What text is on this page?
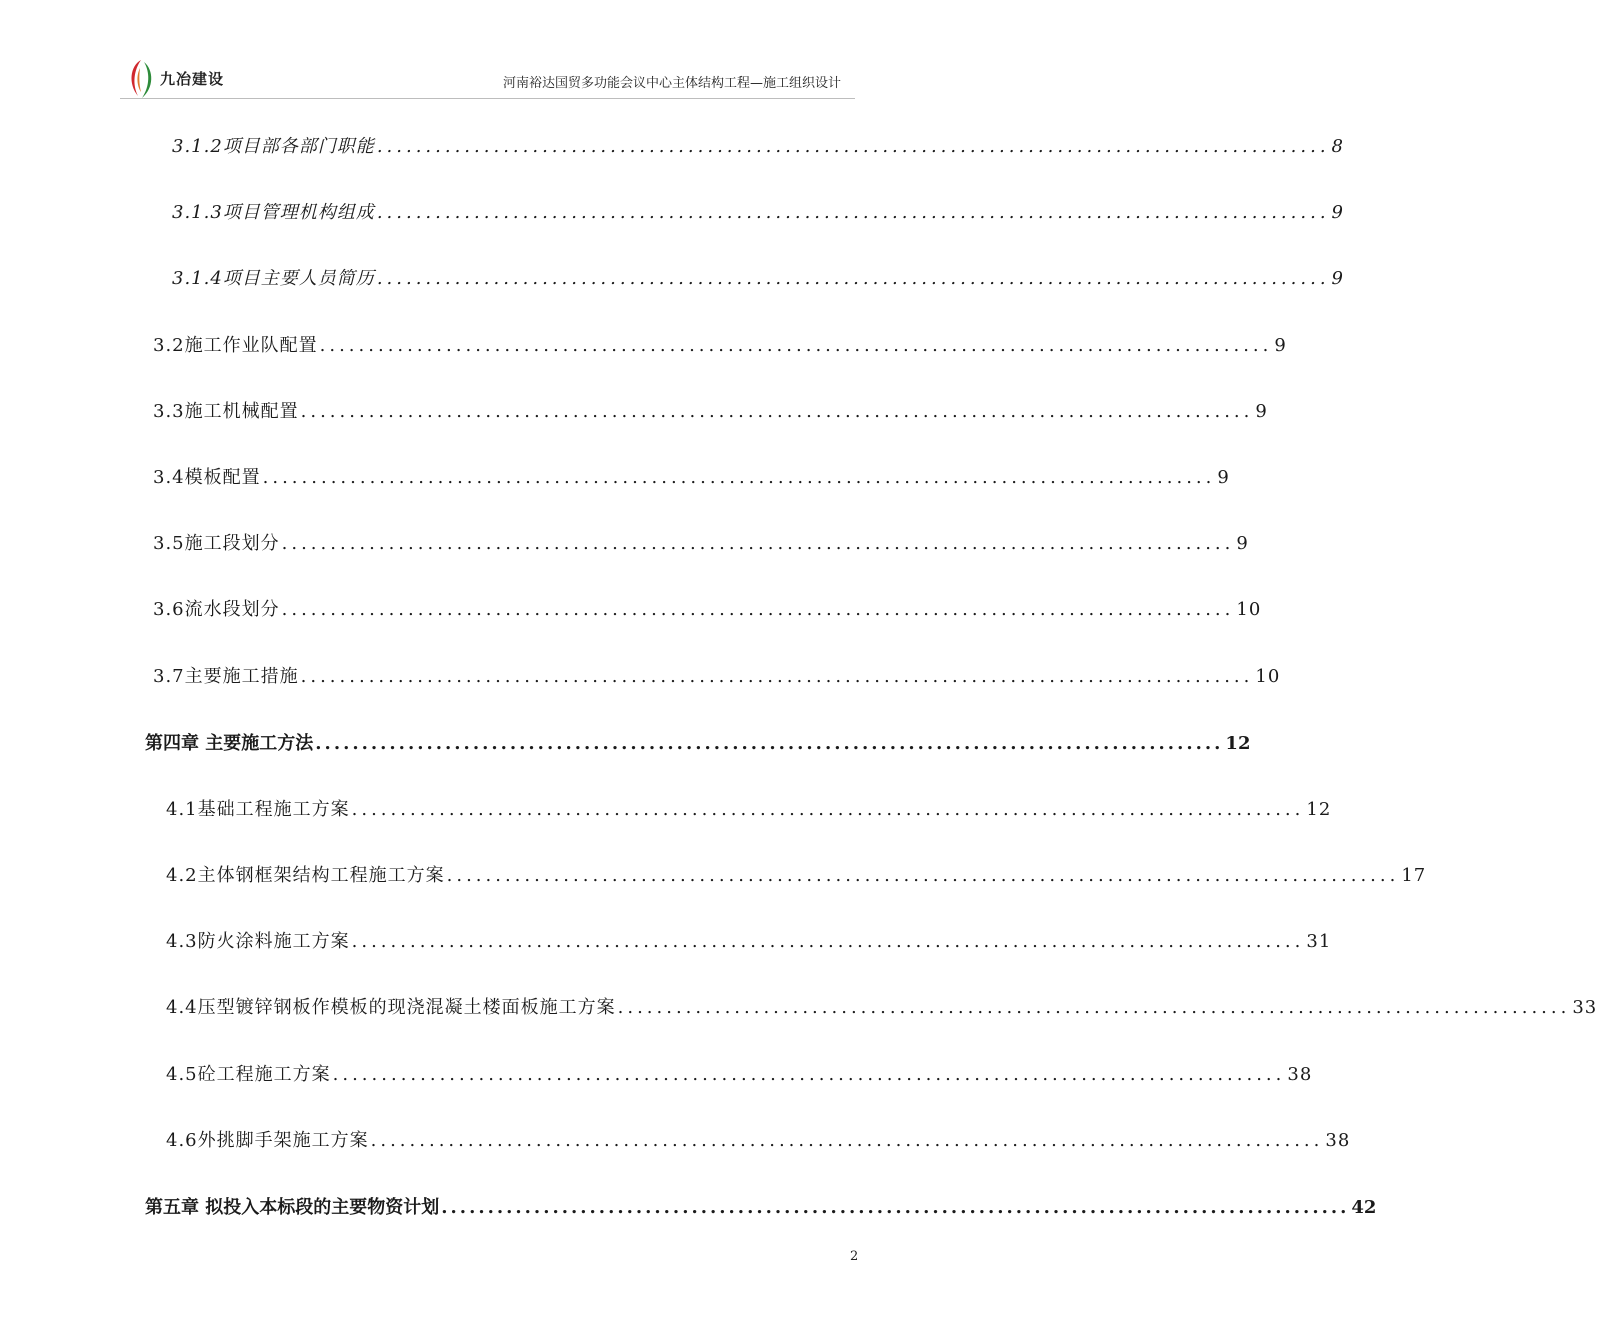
九冶建设	河南裕达国贸多功能会议中心主体结构工程—施工组织设计
3.1.2项目部各部门职能 .................................................................................................. 8
3.1.3项目管理机构组成 .................................................................................................. 9
3.1.4项目主要人员简历 .................................................................................................. 9
3.2施工作业队配置 .................................................................................................. 9
3.3施工机械配置 .................................................................................................. 9
3.4模板配置 .................................................................................................. 9
3.5施工段划分 .................................................................................................. 9
3.6流水段划分 .................................................................................................. 10
3.7主要施工措施 .................................................................................................. 10
第四章 主要施工方法 .................................................................................................. 12
4.1基础工程施工方案 .................................................................................................. 12
4.2主体钢框架结构工程施工方案 .................................................................................................. 17
4.3防火涂料施工方案 .................................................................................................. 31
4.4压型镀锌钢板作模板的现浇混凝土楼面板施工方案 .................................................................................................. 33
4.5砼工程施工方案 .................................................................................................. 38
4.6外挑脚手架施工方案 .................................................................................................. 38
第五章 拟投入本标段的主要物资计划 .................................................................................................. 42
2
